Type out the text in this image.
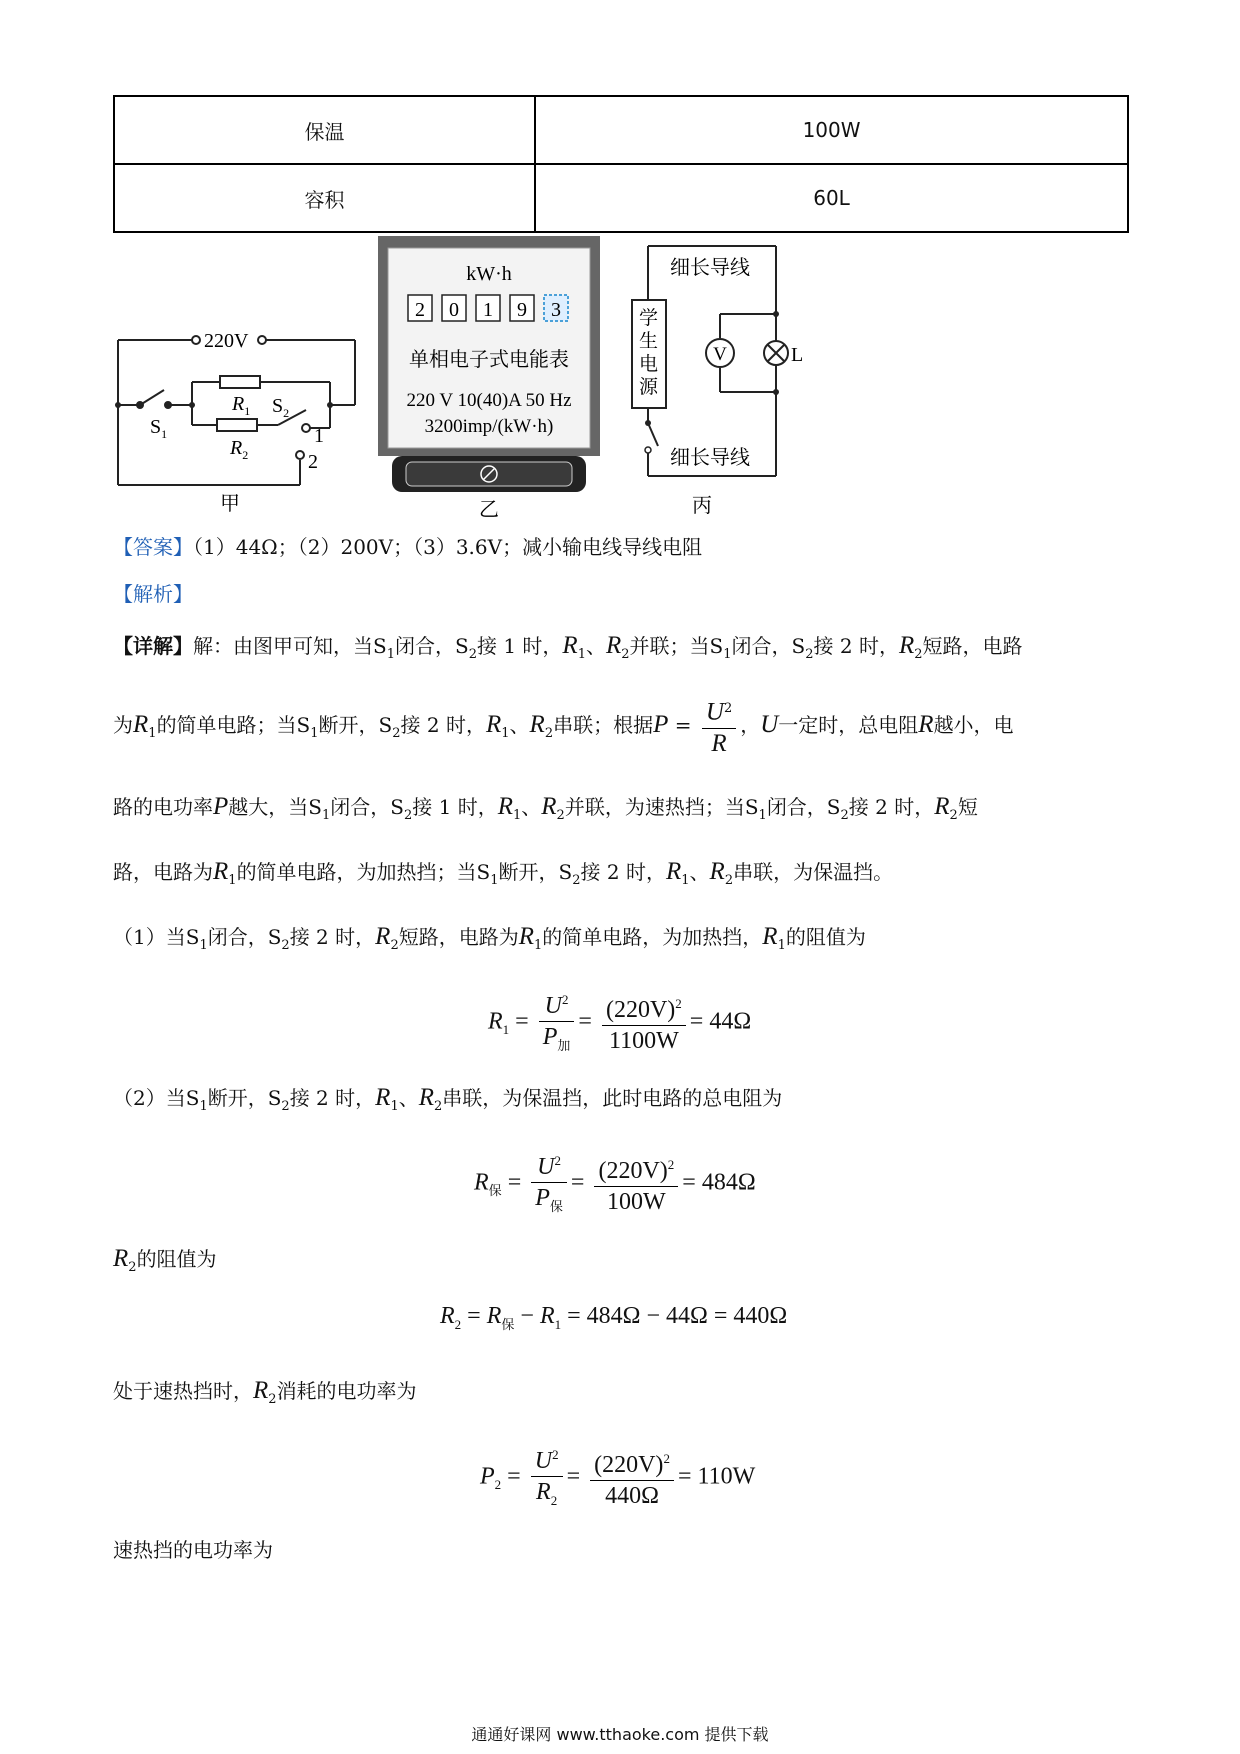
保温	100W
容积	60L
220V
$S_1$
$R_1$ $S_2$
$R_2$
1
2
甲
kW·h
2 0 1 9 3
单相电子式电能表
220 V 10(40)A 50 Hz
3200imp/(kW·h)
乙
细长导线
细长导线
学
生
电
源
V	L
丙
【答案】（1）44Ω；（2）200V；（3）3.6V；减小输电线导线电阻
【解析】
【详解】解：由图甲可知，当$S_1$闭合，$S_2$接 1 时，$R_1$、$R_2$并联；当$S_1$闭合，$S_2$接 2 时，$R_2$短路，电路
为$R_1$的简单电路；当$S_1$断开，$S_2$接 2 时，$R_1$、$R_2$串联；根据$P = \frac{U^2}{R}$ ，U一定时，总电阻R越小，电
路的电功率P越大，当$S_1$闭合，$S_2$接 1 时，$R_1$、$R_2$并联，为速热挡；当$S_1$闭合，$S_2$接 2 时，$R_2$短
路，电路为$R_1$的简单电路，为加热挡；当$S_1$断开，$S_2$接 2 时，$R_1$、$R_2$串联，为保温挡。
（1）当$S_1$闭合，$S_2$接 2 时，$R_2$短路，电路为$R_1$的简单电路，为加热挡，$R_1$的阻值为
$R_1 = \frac{U^2}{P_加} = \frac{(220V)^2}{1100W} = 44\Omega$
（2）当$S_1$断开，$S_2$接 2 时，$R_1$、$R_2$串联，为保温挡，此时电路的总电阻为
$R_保 = \frac{U^2}{P_保} = \frac{(220V)^2}{100W} = 484\Omega$
$R_2$的阻值为
$R_2 = R_保 - R_1 = 484\Omega - 44\Omega = 440\Omega$
处于速热挡时，$R_2$消耗的电功率为
$P_2 = \frac{U^2}{R_2} = \frac{(220V)^2}{440\Omega} = 110W$
速热挡的电功率为
通通好课网 www.tthaoke.com 提供下载
